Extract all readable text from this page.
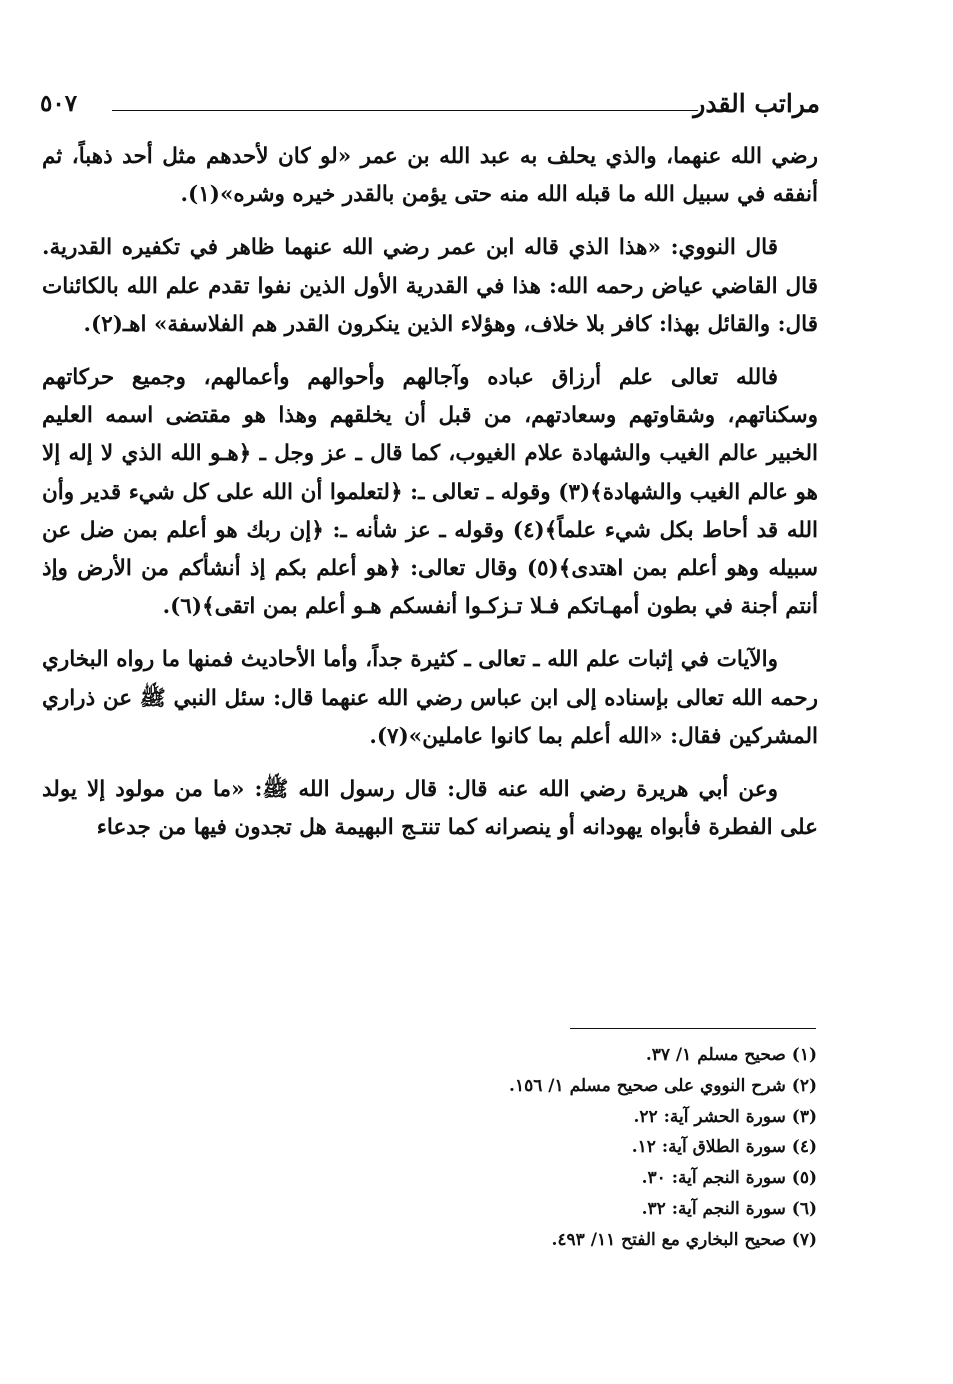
مراتب القدر
٥٠٧

رضي الله عنهما، والذي يحلف به عبد الله بن عمر «لو كان لأحدهم مثل أحد ذهباً، ثم أنفقه في سبيل الله ما قبله الله منه حتى يؤمن بالقدر خيره وشره»(١).

قال النووي: «هذا الذي قاله ابن عمر رضي الله عنهما ظاهر في تكفيره القدرية. قال القاضي عياض رحمه الله: هذا في القدرية الأول الذين نفوا تقدم علم الله بالكائنات قال: والقائل بهذا: كافر بلا خلاف، وهؤلاء الذين ينكرون القدر هم الفلاسفة» اهـ(٢).

فالله تعالى علم أرزاق عباده وآجالهم وأحوالهم وأعمالهم، وجميع حركاتهم وسكناتهم، وشقاوتهم وسعادتهم، من قبل أن يخلقهم وهذا هو مقتضى اسمه العليم الخبير عالم الغيب والشهادة علام الغيوب، كما قال ـ عز وجل ـ ﴿هـو الله الذي لا إله إلا هو عالم الغيب والشهادة﴾(٣) وقوله ـ تعالى ـ: ﴿لتعلموا أن الله على كل شيء قدير وأن الله قد أحاط بكل شيء علماً﴾(٤) وقوله ـ عز شأنه ـ: ﴿إن ربك هو أعلم بمن ضل عن سبيله وهو أعلم بمن اهتدى﴾(٥) وقال تعالى: ﴿هو أعلم بكم إذ أنشأكم من الأرض وإذ أنتم أجنة في بطون أمهـاتكم فـلا تـزكـوا أنفسكم هـو أعلم بمن اتقى﴾(٦).

والآيات في إثبات علم الله ـ تعالى ـ كثيرة جداً، وأما الأحاديث فمنها ما رواه البخاري رحمه الله تعالى بإسناده إلى ابن عباس رضي الله عنهما قال: سئل النبي ﷺ عن ذراري المشركين فقال: «الله أعلم بما كانوا عاملين»(٧).

وعن أبي هريرة رضي الله عنه قال: قال رسول الله ﷺ: «ما من مولود إلا يولد على الفطرة فأبواه يهودانه أو ينصرانه كما تنتـج البهيمة هل تجدون فيها من جدعاء

(١) صحيح مسلم ١/ ٣٧.
(٢) شرح النووي على صحيح مسلم ١/ ١٥٦.
(٣) سورة الحشر آية: ٢٢.
(٤) سورة الطلاق آية: ١٢.
(٥) سورة النجم آية: ٣٠.
(٦) سورة النجم آية: ٣٢.
(٧) صحيح البخاري مع الفتح ١١/ ٤٩٣.
